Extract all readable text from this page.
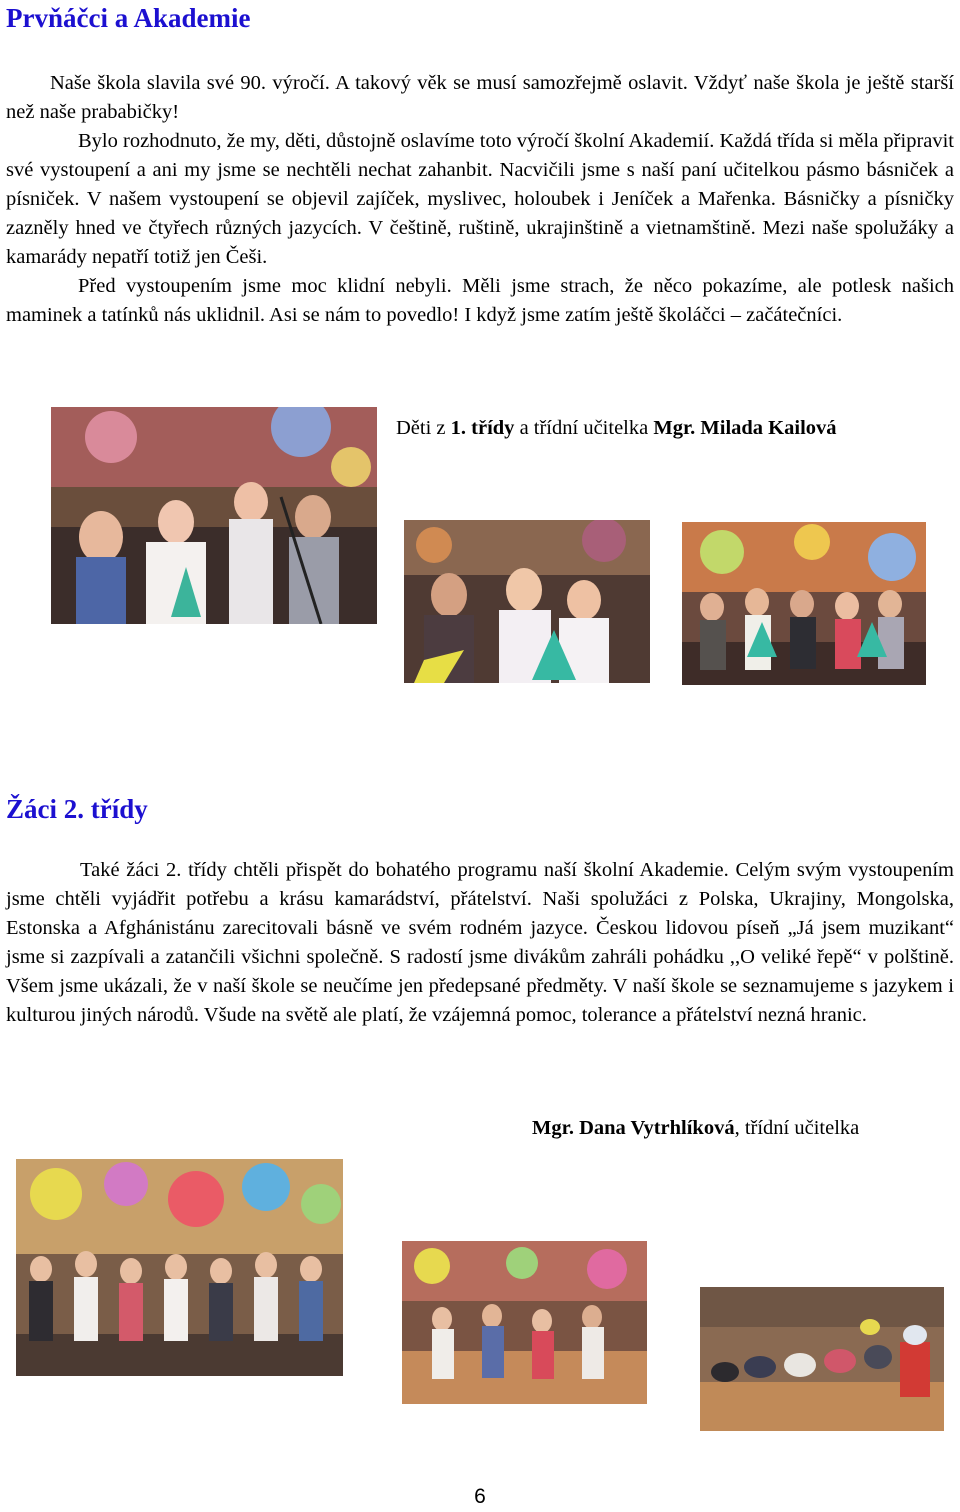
Prvňáčci a Akademie

Naše škola slavila své 90. výročí. A takový věk se musí samozřejmě oslavit. Vždyť naše škola je ještě starší než naše prababičky!

Bylo rozhodnuto, že my, děti, důstojně oslavíme toto výročí školní Akademií. Každá třída si měla připravit své vystoupení a ani my jsme se nechtěli nechat zahanbit. Nacvičili jsme s naší paní učitelkou pásmo básniček a písniček. V našem vystoupení se objevil zajíček, myslivec, holoubek i Jeníček a Mařenka. Básničky a písničky zazněly hned ve čtyřech různých jazycích. V češtině, ruštině, ukrajinštině a vietnamštině. Mezi naše spolužáky a kamarády nepatří totiž jen Češi.

Před vystoupením jsme moc klidní nebyli. Měli jsme strach, že něco pokazíme, ale potlesk našich maminek a tatínků nás uklidnil. Asi se nám to povedlo! I když jsme zatím ještě školáčci – začátečníci.

Děti z 1. třídy a třídní učitelka Mgr. Milada Kailová
Žáci 2. třídy

Také žáci 2. třídy chtěli přispět do bohatého programu naší školní Akademie. Celým svým vystoupením jsme chtěli vyjádřit potřebu a krásu kamarádství, přátelství. Naši spolužáci z Polska, Ukrajiny, Mongolska, Estonska a Afghánistánu zarecitovali básně ve svém rodném jazyce. Českou lidovou píseň „Já jsem muzikant“ jsme si zazpívali a zatančili všichni společně. S radostí jsme divákům zahráli pohádku ,,O veliké řepě“ v polštině. Všem jsme ukázali, že v naší škole se neučíme jen předepsané předměty. V naší škole se seznamujeme s jazykem i kulturou jiných národů. Všude na světě ale platí, že vzájemná pomoc, tolerance a přátelství nezná hranic.

Mgr. Dana Vytrhlíková, třídní učitelka
6
